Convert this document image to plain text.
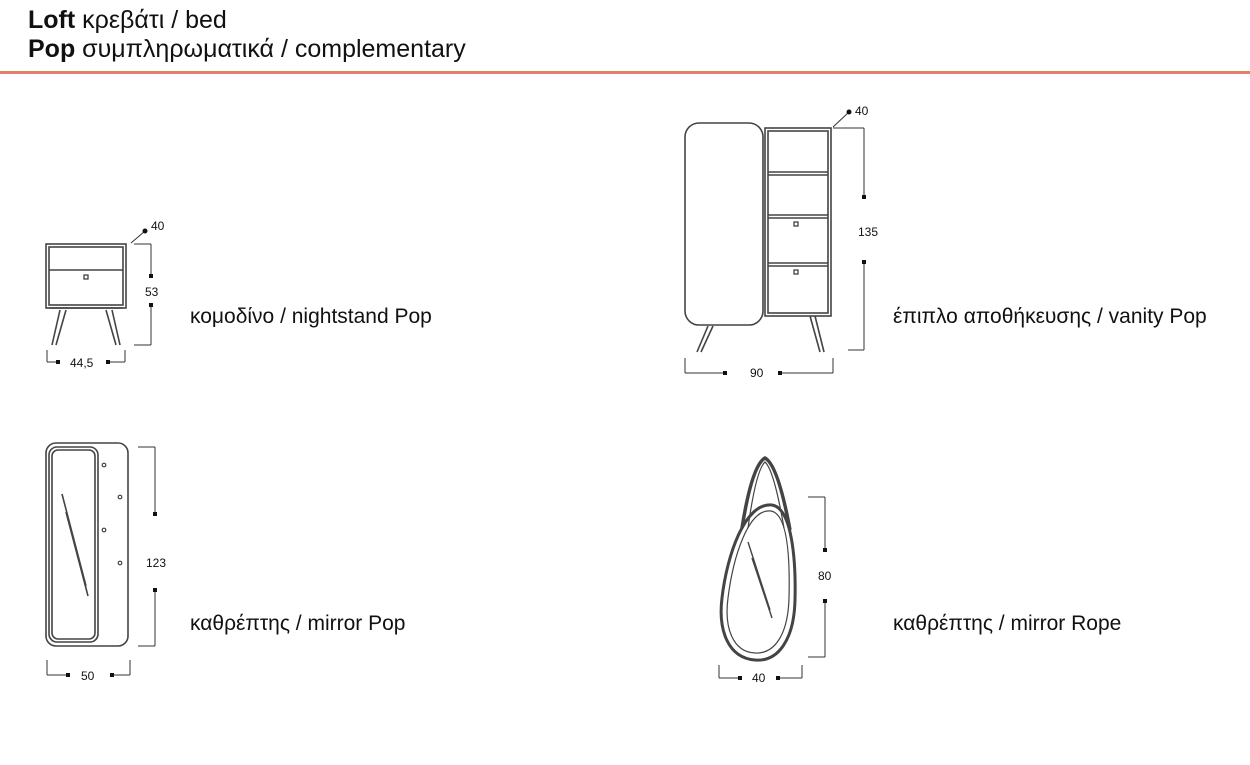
Loft κρεβάτι / bed
Pop συμπληρωματικά / complementary
53
40
44,5
135
40
90
123
50
80
40
κομοδίνο / nightstand Pop	έπιπλο αποθήκευσης / vanity Pop
καθρέπτης / mirror Pop	καθρέπτης / mirror Rope
